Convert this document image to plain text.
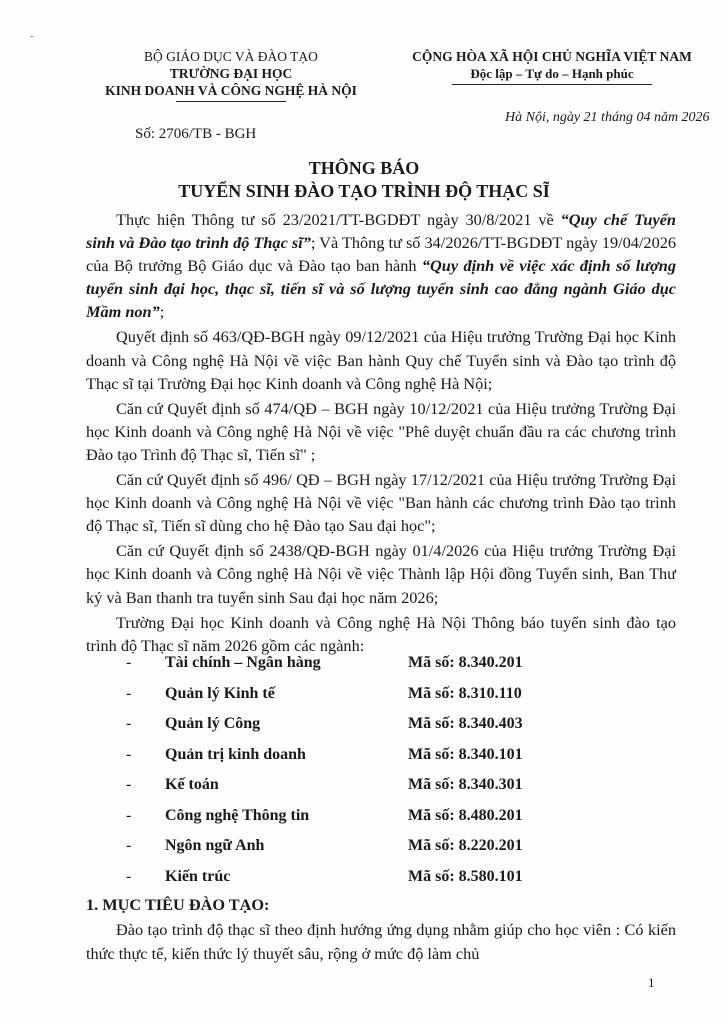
-
BỘ GIÁO DỤC VÀ ĐÀO TẠO
TRƯỜNG ĐẠI HỌC
KINH DOANH VÀ CÔNG NGHỆ HÀ NỘI
CỘNG HÒA XÃ HỘI CHỦ NGHĨA VIỆT NAM
Độc lập – Tự do – Hạnh phúc
Hà Nội, ngày 21 tháng 04 năm 2026
Số: 2706/TB - BGH
THÔNG BÁO
TUYỂN SINH ĐÀO TẠO TRÌNH ĐỘ THẠC SĨ

Thực hiện Thông tư số 23/2021/TT-BGDĐT ngày 30/8/2021 về “Quy chế Tuyển sinh và Đào tạo trình độ Thạc sĩ”; Và Thông tư số 34/2026/TT-BGDĐT ngày 19/04/2026 của Bộ trưởng Bộ Giáo dục và Đào tạo ban hành “Quy định về việc xác định số lượng tuyển sinh đại học, thạc sĩ, tiến sĩ và số lượng tuyển sinh cao đẳng ngành Giáo dục Mầm non”;

Quyết định số 463/QĐ-BGH ngày 09/12/2021 của Hiệu trưởng Trường Đại học Kinh doanh và Công nghệ Hà Nội về việc Ban hành Quy chế Tuyển sinh và Đào tạo trình độ Thạc sĩ tại Trường Đại học Kinh doanh và Công nghệ Hà Nội;

Căn cứ Quyết định số 474/QĐ – BGH ngày 10/12/2021 của Hiệu trưởng Trường Đại học Kinh doanh và Công nghệ Hà Nội về việc "Phê duyệt chuẩn đầu ra các chương trình Đào tạo Trình độ Thạc sĩ, Tiến sĩ" ;

Căn cứ Quyết định số 496/ QĐ – BGH ngày 17/12/2021 của Hiệu trưởng Trường Đại học Kinh doanh và Công nghệ Hà Nội về việc "Ban hành các chương trình Đào tạo trình độ Thạc sĩ, Tiến sĩ dùng cho hệ Đào tạo Sau đại học";

Căn cứ Quyết định số 2438/QĐ-BGH ngày 01/4/2026 của Hiệu trưởng Trường Đại học Kinh doanh và Công nghệ Hà Nội về việc Thành lập Hội đồng Tuyển sinh, Ban Thư ký và Ban thanh tra tuyển sinh Sau đại học năm 2026;

Trường Đại học Kinh doanh và Công nghệ Hà Nội Thông báo tuyển sinh đào tạo trình độ Thạc sĩ năm 2026 gồm các ngành:

- Tài chính – Ngân hàng	Mã số: 8.340.201
- Quản lý Kinh tế	Mã số: 8.310.110
- Quản lý Công	Mã số: 8.340.403
- Quản trị kinh doanh	Mã số: 8.340.101
- Kế toán	Mã số: 8.340.301
- Công nghệ Thông tin	Mã số: 8.480.201
- Ngôn ngữ Anh	Mã số: 8.220.201
- Kiến trúc	Mã số: 8.580.101
1. MỤC TIÊU ĐÀO TẠO:

Đào tạo trình độ thạc sĩ theo định hướng ứng dụng nhằm giúp cho học viên : Có kiến thức thực tế, kiến thức lý thuyết sâu, rộng ở mức độ làm chủ

1
